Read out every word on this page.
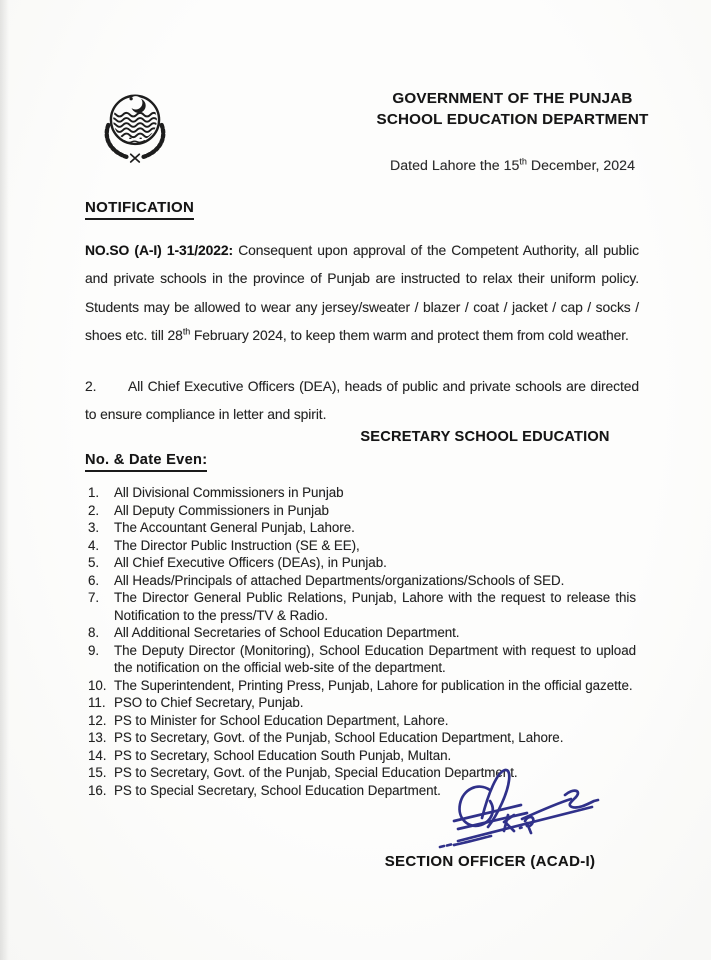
GOVERNMENT OF THE PUNJAB
SCHOOL EDUCATION DEPARTMENT
Dated Lahore the 15th December, 2024
NOTIFICATION

NO.SO (A-I) 1-31/2022: Consequent upon approval of the Competent Authority, all public and private schools in the province of Punjab are instructed to relax their uniform policy. Students may be allowed to wear any jersey/sweater / blazer / coat / jacket / cap / socks / shoes etc. till 28th February 2024, to keep them warm and protect them from cold weather.

2. All Chief Executive Officers (DEA), heads of public and private schools are directed to ensure compliance in letter and spirit.

SECRETARY SCHOOL EDUCATION
No. & Date Even:
All Divisional Commissioners in Punjab
All Deputy Commissioners in Punjab
The Accountant General Punjab, Lahore.
The Director Public Instruction (SE & EE),
All Chief Executive Officers (DEAs), in Punjab.
All Heads/Principals of attached Departments/organizations/Schools of SED.
The Director General Public Relations, Punjab, Lahore with the request to release this Notification to the press/TV & Radio.
All Additional Secretaries of School Education Department.
The Deputy Director (Monitoring), School Education Department with request to upload the notification on the official web-site of the department.
The Superintendent, Printing Press, Punjab, Lahore for publication in the official gazette.
PSO to Chief Secretary, Punjab.
PS to Minister for School Education Department, Lahore.
PS to Secretary, Govt. of the Punjab, School Education Department, Lahore.
PS to Secretary, School Education South Punjab, Multan.
PS to Secretary, Govt. of the Punjab, Special Education Department.
PS to Special Secretary, School Education Department.
SECTION OFFICER (ACAD-I)
